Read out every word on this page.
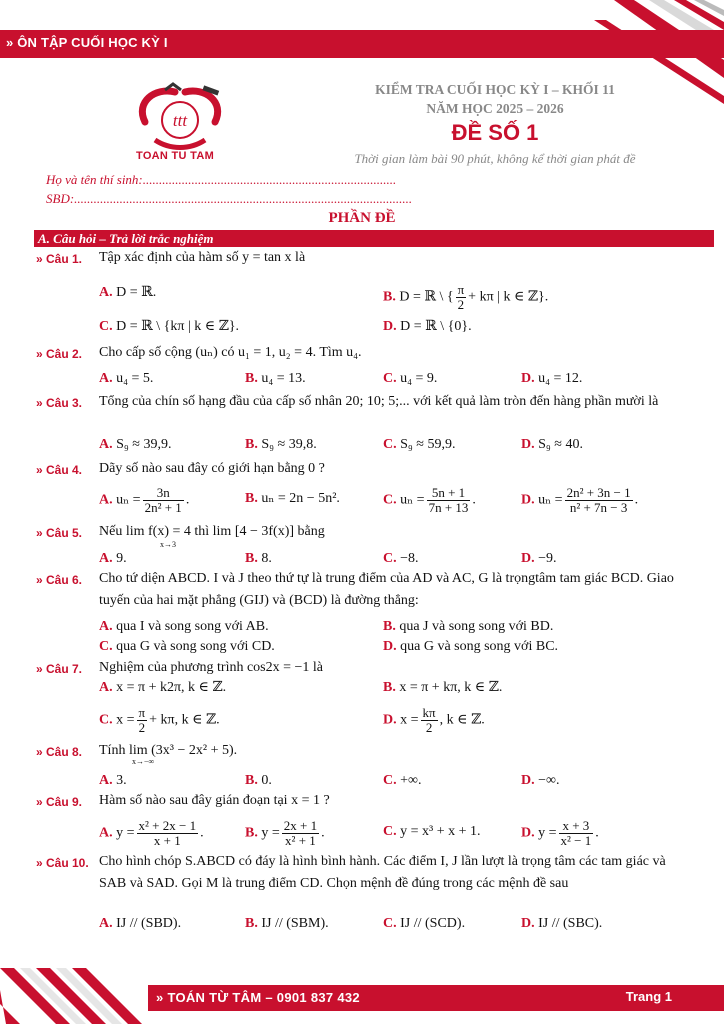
» ÔN TẬP CUỐI HỌC KỲ I
ttt
TOAN TU TAM
KIỂM TRA CUỐI HỌC KỲ I – KHỐI 11
NĂM HỌC 2025 – 2026
ĐỀ SỐ 1
Thời gian làm bài 90 phút, không kể thời gian phát đề
Họ và tên thí sinh:..............................................................................
SBD:........................................................................................................
PHẦN ĐỀ
A. Câu hỏi – Trả lời trắc nghiệm
» Câu 1. Tập xác định của hàm số y = tan x là
A. D = ℝ.	B. D = ℝ \ { $\frac{\pi}{2} + k\pi$ | k ∈ ℤ}.
C. D = ℝ \ {kπ | k ∈ ℤ}.	D. D = ℝ \ {0}.
» Câu 2. Cho cấp số cộng (uₙ) có u₁ = 1, u₂ = 4. Tìm u₄.
A. u₄ = 5.	B. u₄ = 13.	C. u₄ = 9.	D. u₄ = 12.
» Câu 3. Tổng của chín số hạng đầu của cấp số nhân 20; 10; 5;... với kết quả làm tròn đến hàng phần mười là
A. S₉ ≈ 39,9.	B. S₉ ≈ 39,8.	C. S₉ ≈ 59,9.	D. S₉ ≈ 40.
» Câu 4. Dãy số nào sau đây có giới hạn bằng 0 ?
A. $u_n = \frac{3n}{\text{2n² + 1}}$ .	B. uₙ = 2n − 5n².	C. $u_n = \frac{5n + 1}{7n + 13}$ .	D. $u_n = \frac{\text{2n² + 3n − 1}}{\text{n² + 7n − 3}}$ .
» Câu 5. Nếu lim f(x) = 4 thì lim [4 − 3f(x)] bằng
x→3
A. 9.	B. 8.	C. −8.	D. −9.
» Câu 6. Cho tứ diện ABCD. I và J theo thứ tự là trung điểm của AD và AC, G là trọngtâm tam giác BCD. Giao tuyến của hai mặt phẳng (GIJ) và (BCD) là đường thẳng:
A. qua I và song song với AB.	B. qua J và song song với BD.
C. qua G và song song với CD.	D. qua G và song song với BC.
» Câu 7. Nghiệm của phương trình cos2x = −1 là
A. x = π + k2π, k ∈ ℤ.	B. x = π + kπ, k ∈ ℤ.
C. $x = \frac{\pi}{2} + k\pi$, k ∈ ℤ.	D. $x = \frac{k\pi}{2}$ , k ∈ ℤ.
» Câu 8. Tính lim (3x³ − 2x² + 5).
x→−∞
A. 3.	B. 0.	C. +∞.	D. −∞.
» Câu 9. Hàm số nào sau đây gián đoạn tại x = 1 ?
A. $y = \frac{\text{x² + 2x − 1}}{x + 1}$ .	B. $y = \frac{2x + 1}{\text{x² + 1}}$ .	C. y = x³ + x + 1.	D. $y = \frac{x + 3}{\text{x² − 1}}$ .
» Câu 10. Cho hình chóp S.ABCD có đáy là hình bình hành. Các điểm I, J lần lượt là trọng tâm các tam giác và SAB và SAD. Gọi M là trung điểm CD. Chọn mệnh đề đúng trong các mệnh đề sau
A. IJ // (SBD).	B. IJ // (SBM).	C. IJ // (SCD).	D. IJ // (SBC).
» TOÁN TỪ TÂM – 0901 837 432	Trang 1
